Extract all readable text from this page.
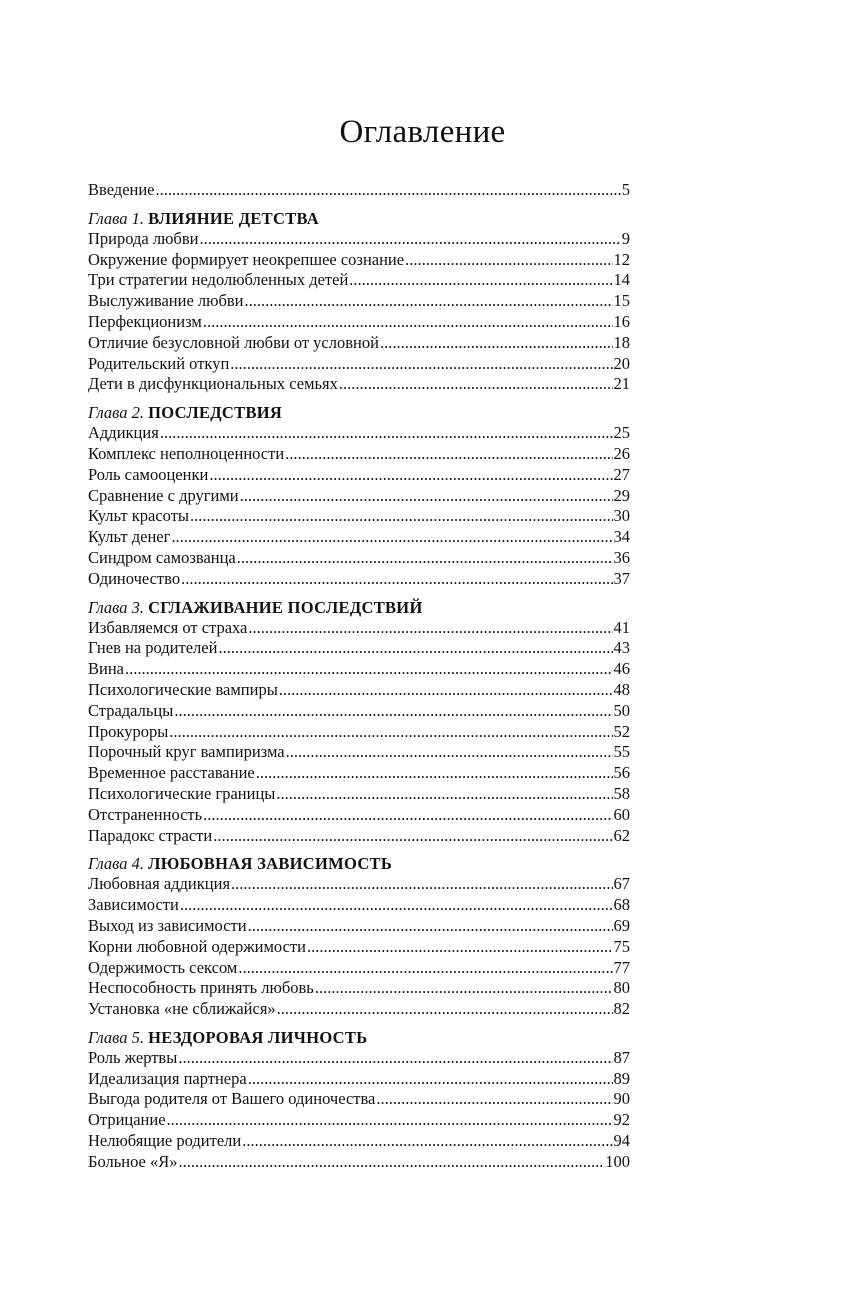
Оглавление
Введение .....	5
Глава 1. ВЛИЯНИЕ ДЕТСТВА
Природа любви .....	9
Окружение формирует неокрепшее сознание .....	12
Три стратегии недолюбленных детей .....	14
Выслуживание любви .....	15
Перфекционизм .....	16
Отличие безусловной любви от условной .....	18
Родительский откуп .....	20
Дети в дисфункциональных семьях .....	21
Глава 2. ПОСЛЕДСТВИЯ
Аддикция .....	25
Комплекс неполноценности .....	26
Роль самооценки .....	27
Сравнение с другими .....	29
Культ красоты .....	30
Культ денег .....	34
Синдром самозванца .....	36
Одиночество .....	37
Глава 3. СГЛАЖИВАНИЕ ПОСЛЕДСТВИЙ
Избавляемся от страха .....	41
Гнев на родителей .....	43
Вина .....	46
Психологические вампиры .....	48
Страдальцы .....	50
Прокуроры .....	52
Порочный круг вампиризма .....	55
Временное расставание .....	56
Психологические границы .....	58
Отстраненность .....	60
Парадокс страсти .....	62
Глава 4. ЛЮБОВНАЯ ЗАВИСИМОСТЬ
Любовная аддикция .....	67
Зависимости .....	68
Выход из зависимости .....	69
Корни любовной одержимости .....	75
Одержимость сексом .....	77
Неспособность принять любовь .....	80
Установка «не сближайся» .....	82
Глава 5. НЕЗДОРОВАЯ ЛИЧНОСТЬ
Роль жертвы .....	87
Идеализация партнера .....	89
Выгода родителя от Вашего одиночества .....	90
Отрицание .....	92
Нелюбящие родители .....	94
Больное «Я» .....	100
